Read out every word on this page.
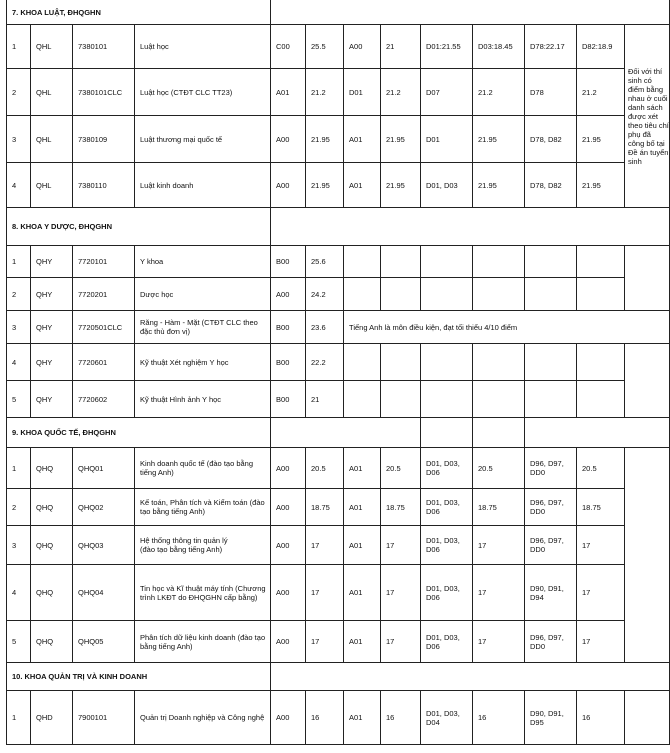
7. KHOA LUẬT, ĐHQGHN												
1	QHL	7380101	Luật học	C00	25.5	A00	21	D01:21.55	D03:18.45	D78:22.17	D82:18.9	Đối với thí sinh có điểm bằng nhau ở cuối danh sách được xét theo tiêu chí phụ đã công bố tại Đề án tuyển sinh
2	QHL	7380101CLC	Luật học (CTĐT CLC TT23)	A01	21.2	D01	21.2	D07	21.2	D78	21.2	
3	QHL	7380109	Luật thương mại quốc tế	A00	21.95	A01	21.95	D01	21.95	D78, D82	21.95	
4	QHL	7380110	Luật kinh doanh	A00	21.95	A01	21.95	D01, D03	21.95	D78, D82	21.95	
8. KHOA Y DƯỢC, ĐHQGHN												
1	QHY	7720101	Y khoa	B00	25.6							
2	QHY	7720201	Dược học	A00	24.2							
3	QHY	7720501CLC	Răng - Hàm - Mặt (CTĐT CLC theo đặc thù đơn vị)	B00	23.6	Tiếng Anh là môn điều kiện, đạt tối thiểu 4/10 điểm						
4	QHY	7720601	Kỹ thuật Xét nghiệm Y học	B00	22.2							
5	QHY	7720602	Kỹ thuật Hình ảnh Y học	B00	21							
9. KHOA QUỐC TẾ, ĐHQGHN												
1	QHQ	QHQ01	Kinh doanh quốc tế (đào tạo bằng tiếng Anh)	A00	20.5	A01	20.5	D01, D03, D06	20.5	D96, D97, DD0	20.5	
2	QHQ	QHQ02	Kế toán, Phân tích và Kiểm toán (đào tạo bằng tiếng Anh)	A00	18.75	A01	18.75	D01, D03, D06	18.75	D96, D97, DD0	18.75	
3	QHQ	QHQ03	Hệ thống thông tin quản lý
(đào tạo bằng tiếng Anh)	A00	17	A01	17	D01, D03, D06	17	D96, D97, DD0	17	
4	QHQ	QHQ04	Tin học và Kĩ thuật máy tính (Chương trình LKĐT do ĐHQGHN cấp bằng)	A00	17	A01	17	D01, D03, D06	17	D90, D91, D94	17	
5	QHQ	QHQ05	Phân tích dữ liệu kinh doanh (đào tạo bằng tiếng Anh)	A00	17	A01	17	D01, D03, D06	17	D96, D97, DD0	17	
10. KHOA QUẢN TRỊ VÀ KINH DOANH												
1	QHD	7900101	Quản trị Doanh nghiệp và Công nghệ	A00	16	A01	16	D01, D03, D04	16	D90, D91, D95	16	
